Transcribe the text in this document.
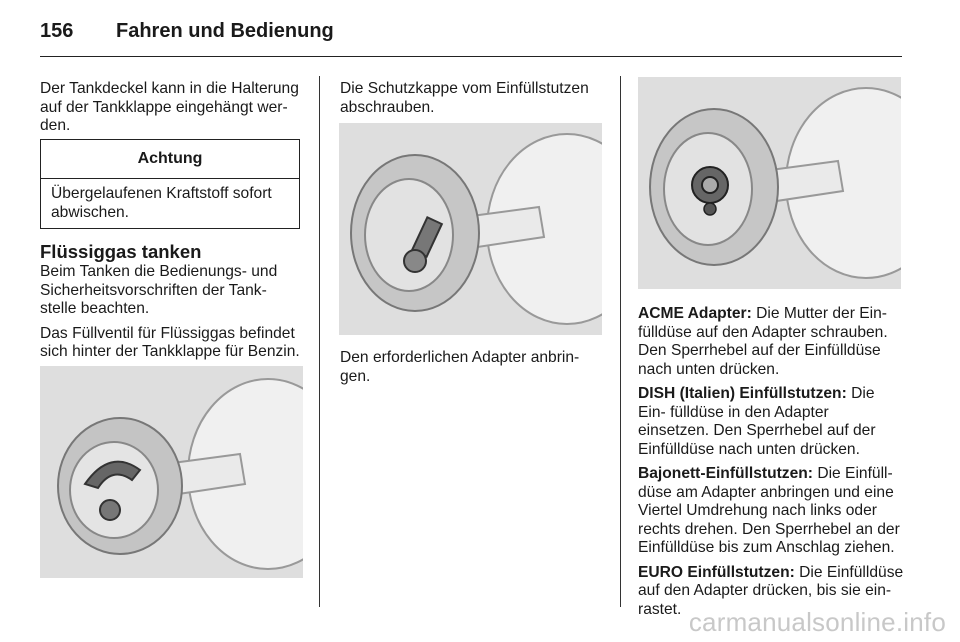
156 Fahren und Bedienung

Der Tankdeckel kann in die Halterung auf der Tankklappe eingehängt wer- den.

Achtung
Übergelaufenen Kraftstoff sofort abwischen.
Flüssiggas tanken

Beim Tanken die Bedienungs- und Sicherheitsvorschriften der Tank- stelle beachten.

Das Füllventil für Flüssiggas befindet sich hinter der Tankklappe für Benzin.

Die Schutzkappe vom Einfüllstutzen abschrauben.

Den erforderlichen Adapter anbrin- gen.

ACME Adapter: Die Mutter der Ein- fülldüse auf den Adapter schrauben. Den Sperrhebel auf der Einfülldüse nach unten drücken.

DISH (Italien) Einfüllstutzen: Die Ein- fülldüse in den Adapter einsetzen. Den Sperrhebel auf der Einfülldüse nach unten drücken.

Bajonett-Einfüllstutzen: Die Einfüll- düse am Adapter anbringen und eine Viertel Umdrehung nach links oder rechts drehen. Den Sperrhebel an der Einfülldüse bis zum Anschlag ziehen.

EURO Einfüllstutzen: Die Einfülldüse auf den Adapter drücken, bis sie ein- rastet. carmanualsonline.info
